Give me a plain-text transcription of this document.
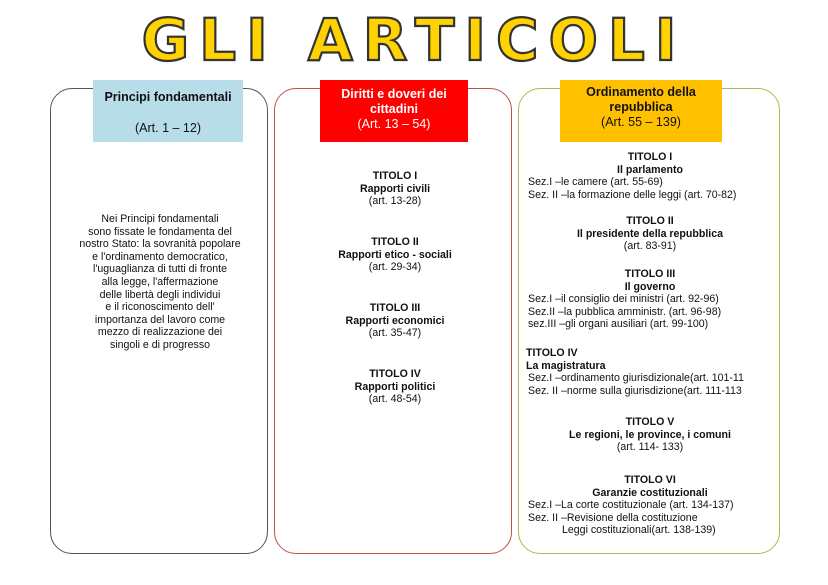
GLI ARTICOLI
Principi fondamentali
(Art. 1 – 12)
Diritti e doveri dei cittadini
(Art. 13 – 54)
Ordinamento della repubblica
(Art. 55 – 139)
Nei Principi fondamentali
sono fissate le fondamenta del
nostro Stato: la sovranità popolare
e l'ordinamento democratico,
l'uguaglianza di tutti di fronte
alla legge, l'affermazione
delle libertà degli individui
e il riconoscimento dell'
importanza del lavoro come
mezzo di realizzazione dei
singoli e di progresso
TITOLO I
Rapporti civili
(art. 13-28)
TITOLO II
Rapporti etico - sociali
(art. 29-34)
TITOLO III
Rapporti economici
(art. 35-47)
TITOLO IV
Rapporti politici
(art. 48-54)
TITOLO I
Il parlamento
Sez.I –le camere (art. 55-69)
Sez. II –la formazione delle leggi (art. 70-82)
TITOLO II
Il presidente della repubblica
(art. 83-91)
TITOLO III
Il governo
Sez.I –il consiglio dei ministri (art. 92-96)
Sez.II –la pubblica amministr. (art. 96-98)
sez.III –gli organi ausiliari (art. 99-100)
TITOLO IV
La magistratura
Sez.I –ordinamento giurisdizionale(art. 101-11
Sez. II –norme sulla giurisdizione(art. 111-113
TITOLO V
Le regioni, le province, i comuni
(art. 114- 133)
TITOLO VI
Garanzie costituzionali
Sez.I –La corte costituzionale (art. 134-137)
Sez. II –Revisione della costituzione
Leggi costituzionali(art. 138-139)
